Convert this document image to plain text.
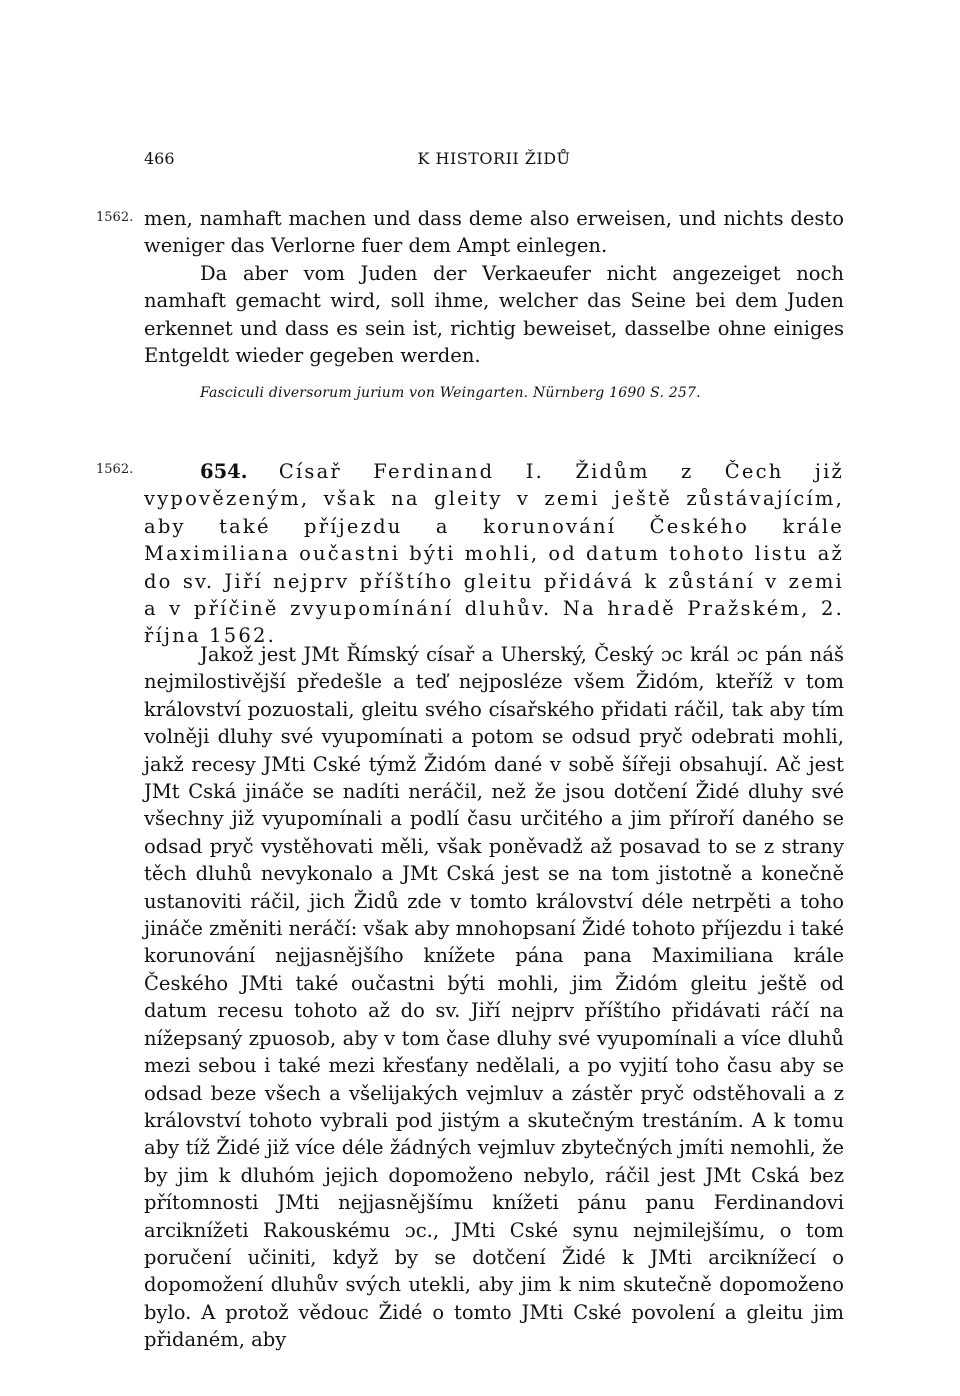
466	K HISTORII ŽIDŮ
1562. men, namhaft machen und dass deme also erweisen, und nichts desto weniger das Verlorne fuer dem Ampt einlegen.

Da aber vom Juden der Verkaeufer nicht angezeiget noch namhaft gemacht wird, soll ihme, welcher das Seine bei dem Juden erkennet und dass es sein ist, richtig beweiset, dasselbe ohne einiges Entgeldt wieder gegeben werden.

Fasciculi diversorum jurium von Weingarten. Nürnberg 1690 S. 257.
1562.	654. Císař Ferdinand I. Židům z Čech již vypovězeným, však na gleity v zemi ještě zůstávajícím, aby také příjezdu a korunování Českého krále Maximiliana oučastni býti mohli, od datum tohoto listu až do sv. Jiří nejprv příštího gleitu přidává k zůstání v zemi a v příčině zvyupomínání dluhův. Na hradě Pražském, 2. října 1562.

Jakož jest JMt Římský císař a Uherský, Český ɔc král ɔc pán náš nejmilostivější předešle a teď nejposléze všem Židóm, kteříž v tom království pozuostali, gleitu svého císařského přidati ráčil, tak aby tím volněji dluhy své vyupomínati a potom se odsud pryč odebrati mohli, jakž recesy JMti Cské týmž Židóm dané v sobě šířeji obsahují. Ač jest JMt Cská jináče se nadíti neráčil, než že jsou dotčení Židé dluhy své všechny již vyupomínali a podlí času určitého a jim příroří daného se odsad pryč vystěhovati měli, však poněvadž až posavad to se z strany těch dluhů nevykonalo a JMt Cská jest se na tom jistotně a konečně ustanoviti ráčil, jich Židů zde v tomto království déle netrpěti a toho jináče změniti neráčí: však aby mnohopsaní Židé tohoto příjezdu i také korunování nejjasnějšího knížete pána pana Maximiliana krále Českého JMti také oučastni býti mohli, jim Židóm gleitu ještě od datum recesu tohoto až do sv. Jiří nejprv příštího přidávati ráčí na nížepsaný zpuosob, aby v tom čase dluhy své vyupomínali a více dluhů mezi sebou i také mezi křesťany nedělali, a po vyjití toho času aby se odsad beze všech a všelijakých vejmluv a zástěr pryč odstěhovali a z království tohoto vybrali pod jistým a skutečným trestáním. A k tomu aby tíž Židé již více déle žádných vejmluv zbytečných jmíti nemohli, že by jim k dluhóm jejich dopomoženo nebylo, ráčil jest JMt Cská bez přítomnosti JMti nejjasnějšímu knížeti pánu panu Ferdinandovi arciknížeti Rakouskému ɔc., JMti Cské synu nejmilejšímu, o tom poručení učiniti, když by se dotčení Židé k JMti arciknížecí o dopomožení dluhův svých utekli, aby jim k nim skutečně dopomoženo bylo. A protož vědouc Židé o tomto JMti Cské povolení a gleitu jim přidaném, aby
